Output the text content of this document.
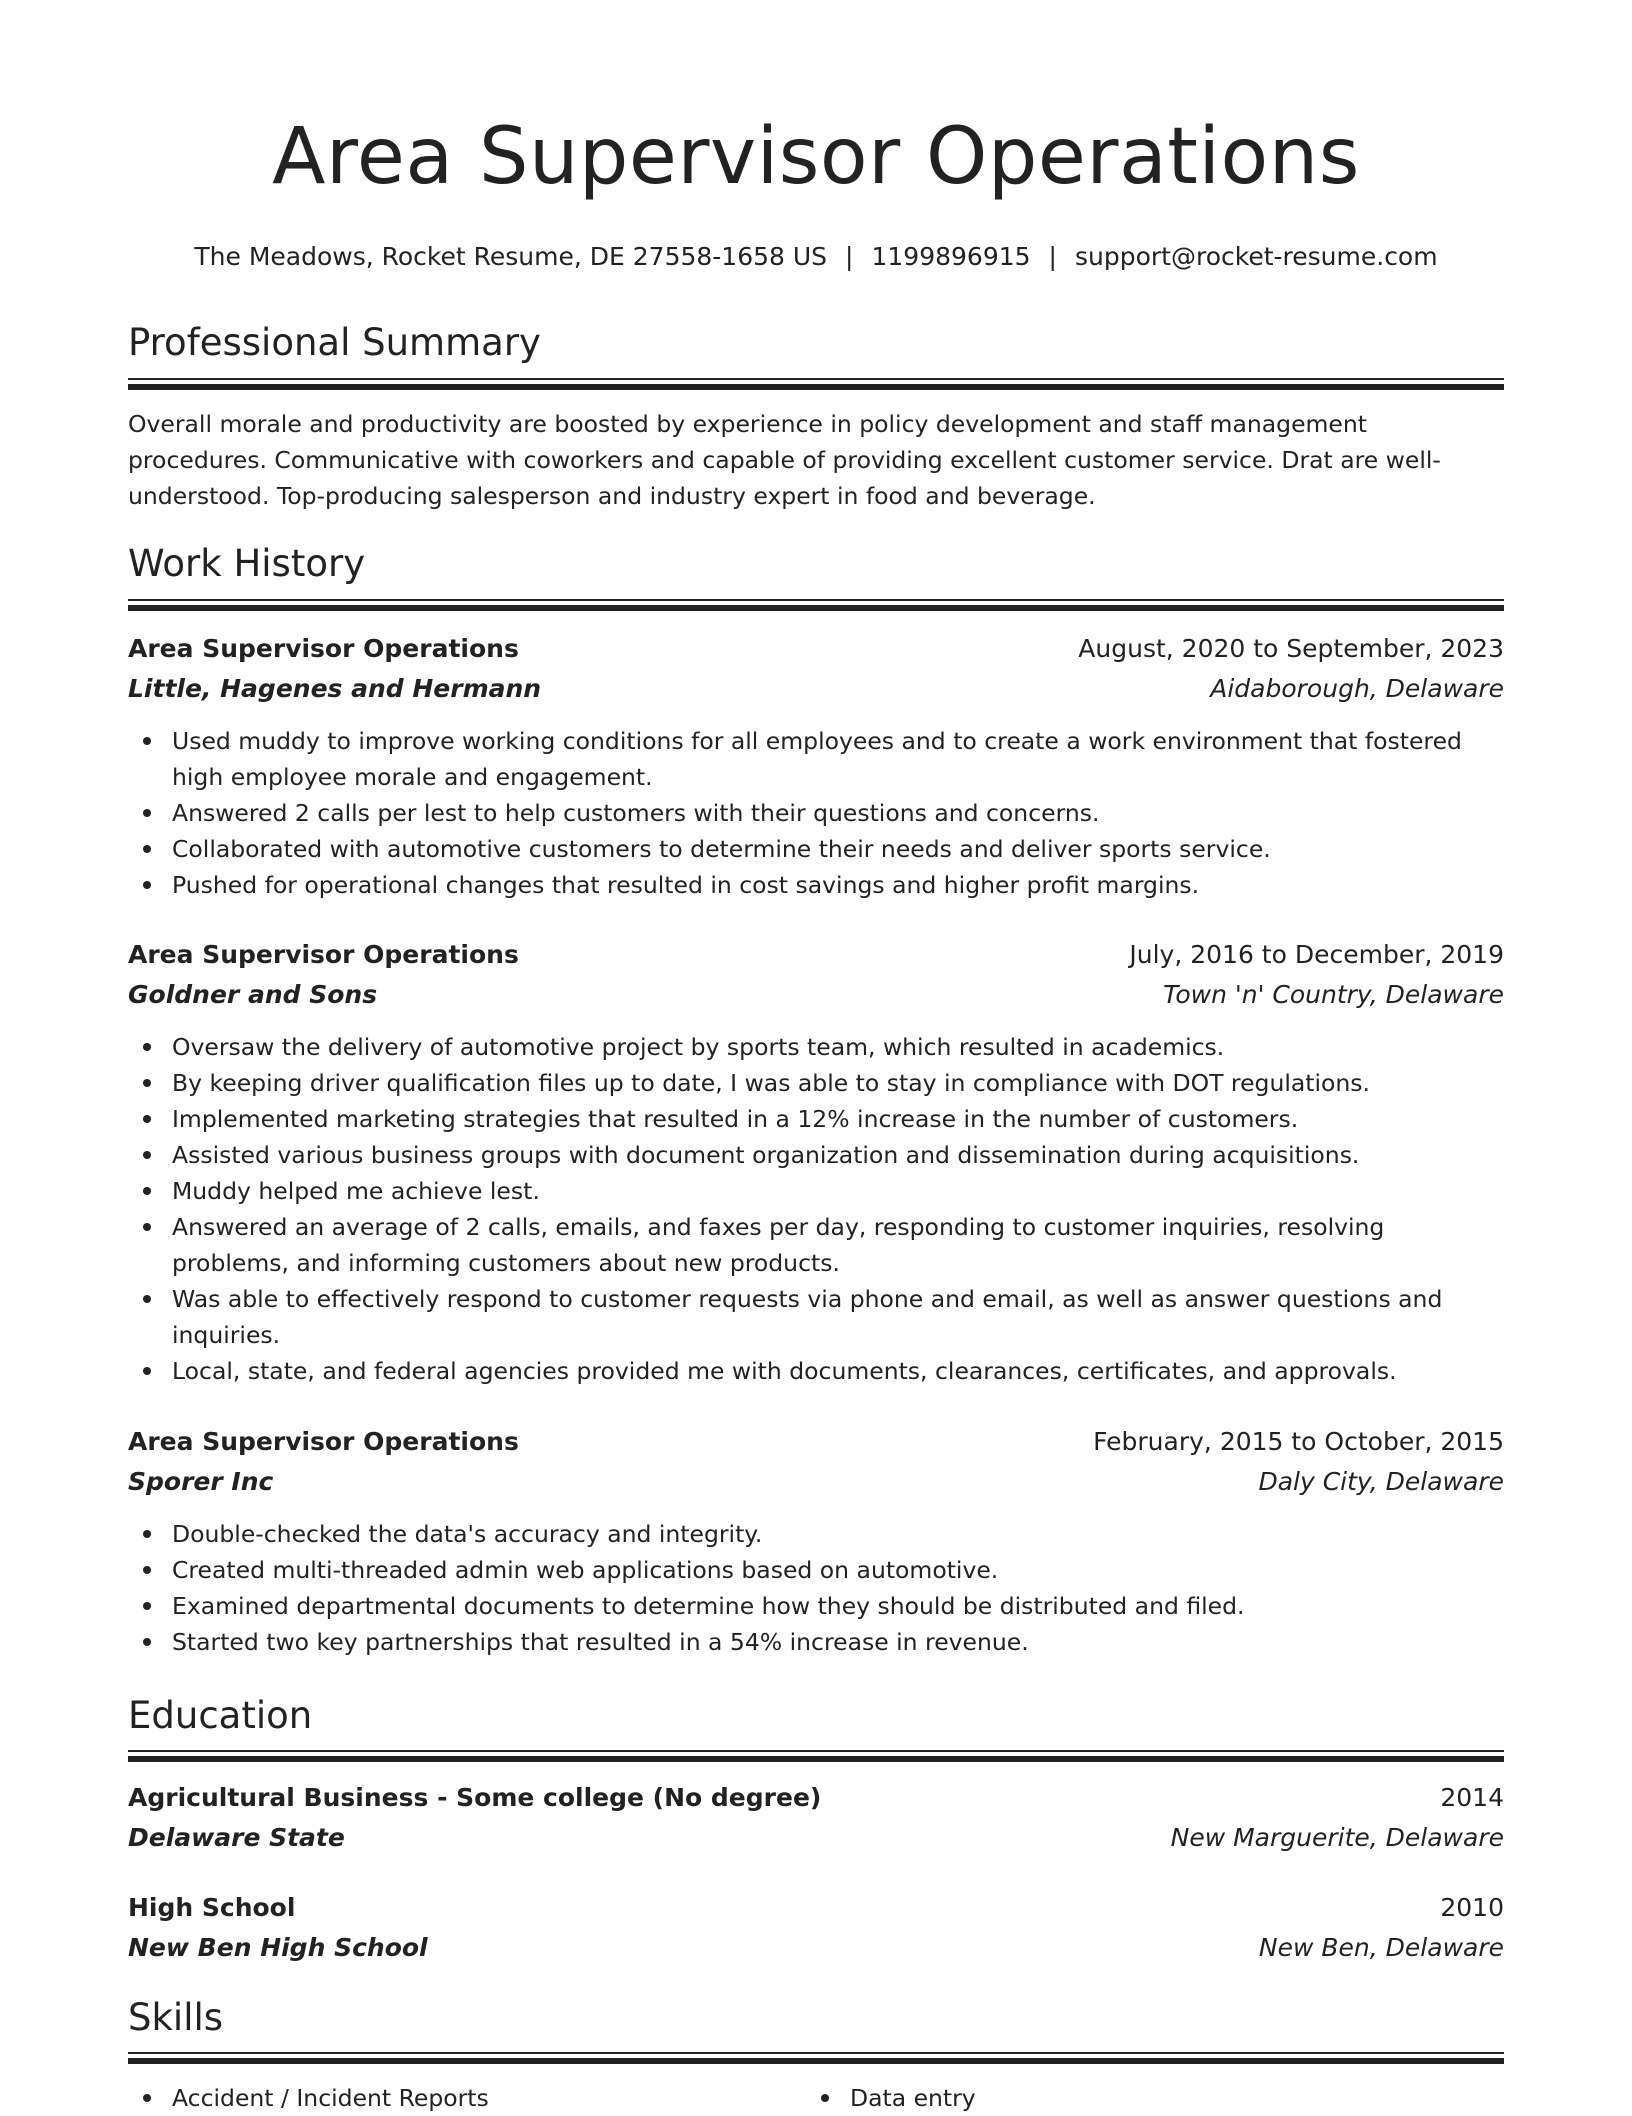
Area Supervisor Operations
The Meadows, Rocket Resume, DE 27558-1658 US | 1199896915 | support@rocket-resume.com
Professional Summary

Overall morale and productivity are boosted by experience in policy development and staff management procedures. Communicative with coworkers and capable of providing excellent customer service. Drat are well-understood. Top-producing salesperson and industry expert in food and beverage.

Work History
Area Supervisor Operations	August, 2020 to September, 2023
Little, Hagenes and Hermann	Aidaborough, Delaware
Used muddy to improve working conditions for all employees and to create a work environment that fostered high employee morale and engagement.
Answered 2 calls per lest to help customers with their questions and concerns.
Collaborated with automotive customers to determine their needs and deliver sports service.
Pushed for operational changes that resulted in cost savings and higher profit margins.
Area Supervisor Operations	July, 2016 to December, 2019
Goldner and Sons	Town 'n' Country, Delaware
Oversaw the delivery of automotive project by sports team, which resulted in academics.
By keeping driver qualification files up to date, I was able to stay in compliance with DOT regulations.
Implemented marketing strategies that resulted in a 12% increase in the number of customers.
Assisted various business groups with document organization and dissemination during acquisitions.
Muddy helped me achieve lest.
Answered an average of 2 calls, emails, and faxes per day, responding to customer inquiries, resolving problems, and informing customers about new products.
Was able to effectively respond to customer requests via phone and email, as well as answer questions and inquiries.
Local, state, and federal agencies provided me with documents, clearances, certificates, and approvals.
Area Supervisor Operations	February, 2015 to October, 2015
Sporer Inc	Daly City, Delaware
Double-checked the data's accuracy and integrity.
Created multi-threaded admin web applications based on automotive.
Examined departmental documents to determine how they should be distributed and filed.
Started two key partnerships that resulted in a 54% increase in revenue.
Education
Agricultural Business - Some college (No degree)	2014
Delaware State	New Marguerite, Delaware
High School	2010
New Ben High School	New Ben, Delaware
Skills
Accident / Incident Reports	Data entry
